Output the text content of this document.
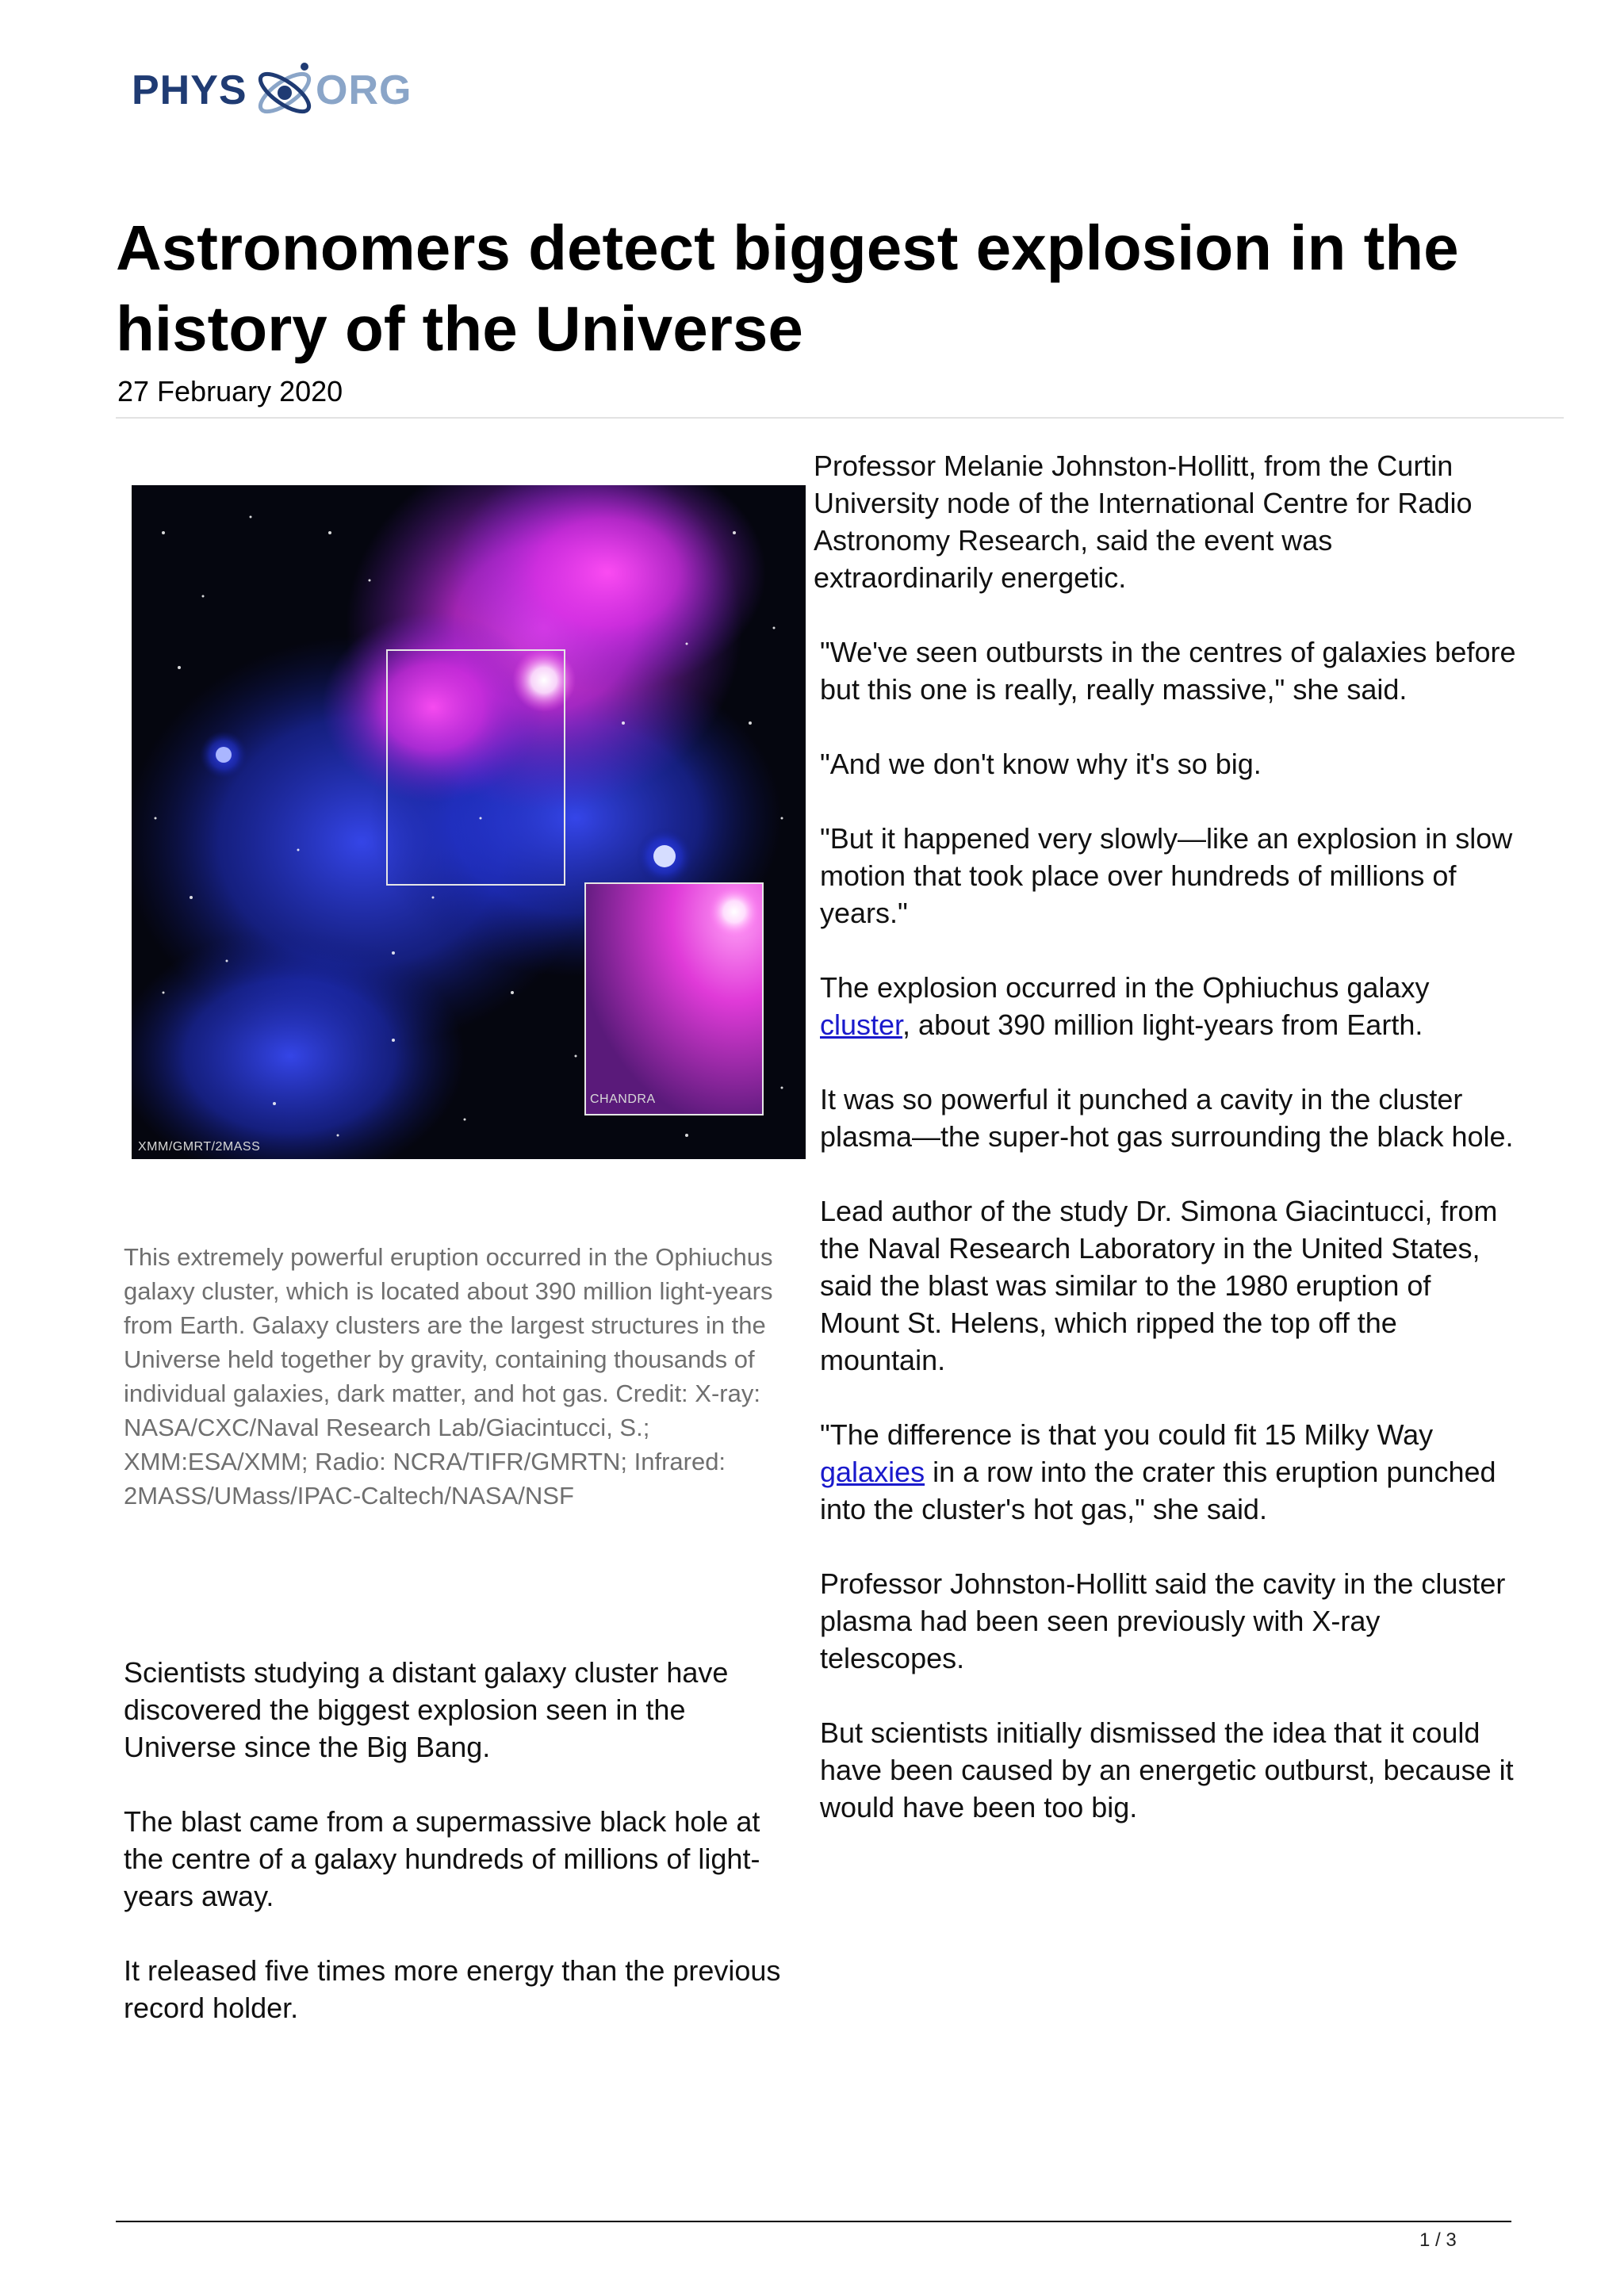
PHYS ORG
Astronomers detect biggest explosion in the history of the Universe
27 February 2020
XMM/GMRT/2MASS
CHANDRA
This extremely powerful eruption occurred in the Ophiuchus galaxy cluster, which is located about 390 million light-years from Earth. Galaxy clusters are the largest structures in the Universe held together by gravity, containing thousands of individual galaxies, dark matter, and hot gas. Credit: X-ray: NASA/CXC/Naval Research Lab/Giacintucci, S.; XMM:ESA/XMM; Radio: NCRA/TIFR/GMRTN; Infrared: 2MASS/UMass/IPAC-Caltech/NASA/NSF

Scientists studying a distant galaxy cluster have discovered the biggest explosion seen in the Universe since the Big Bang.

The blast came from a supermassive black hole at the centre of a galaxy hundreds of millions of light-years away.

It released five times more energy than the previous record holder.

Professor Melanie Johnston-Hollitt, from the Curtin University node of the International Centre for Radio Astronomy Research, said the event was extraordinarily energetic.

"We've seen outbursts in the centres of galaxies before but this one is really, really massive," she said.

"And we don't know why it's so big.

"But it happened very slowly—like an explosion in slow motion that took place over hundreds of millions of years."

The explosion occurred in the Ophiuchus galaxy cluster, about 390 million light-years from Earth.

It was so powerful it punched a cavity in the cluster plasma—the super-hot gas surrounding the black hole.

Lead author of the study Dr. Simona Giacintucci, from the Naval Research Laboratory in the United States, said the blast was similar to the 1980 eruption of Mount St. Helens, which ripped the top off the mountain.

"The difference is that you could fit 15 Milky Way galaxies in a row into the crater this eruption punched into the cluster's hot gas," she said.

Professor Johnston-Hollitt said the cavity in the cluster plasma had been seen previously with X-ray telescopes.

But scientists initially dismissed the idea that it could have been caused by an energetic outburst, because it would have been too big.

1 / 3
